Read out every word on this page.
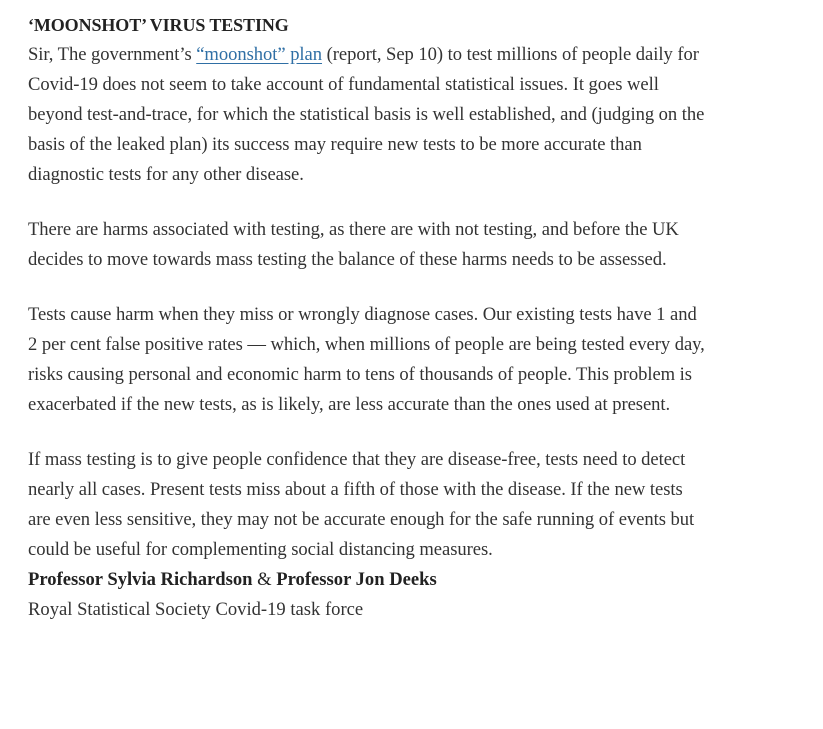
‘MOONSHOT’ VIRUS TESTING

Sir, The government’s “moonshot” plan (report, Sep 10) to test millions of people daily for Covid-19 does not seem to take account of fundamental statistical issues. It goes well beyond test-and-trace, for which the statistical basis is well established, and (judging on the basis of the leaked plan) its success may require new tests to be more accurate than diagnostic tests for any other disease.

There are harms associated with testing, as there are with not testing, and before the UK decides to move towards mass testing the balance of these harms needs to be assessed.

Tests cause harm when they miss or wrongly diagnose cases. Our existing tests have 1 and 2 per cent false positive rates — which, when millions of people are being tested every day, risks causing personal and economic harm to tens of thousands of people. This problem is exacerbated if the new tests, as is likely, are less accurate than the ones used at present.

If mass testing is to give people confidence that they are disease-free, tests need to detect nearly all cases. Present tests miss about a fifth of those with the disease. If the new tests are even less sensitive, they may not be accurate enough for the safe running of events but could be useful for complementing social distancing measures.

Professor Sylvia Richardson & Professor Jon Deeks
Royal Statistical Society Covid-19 task force
